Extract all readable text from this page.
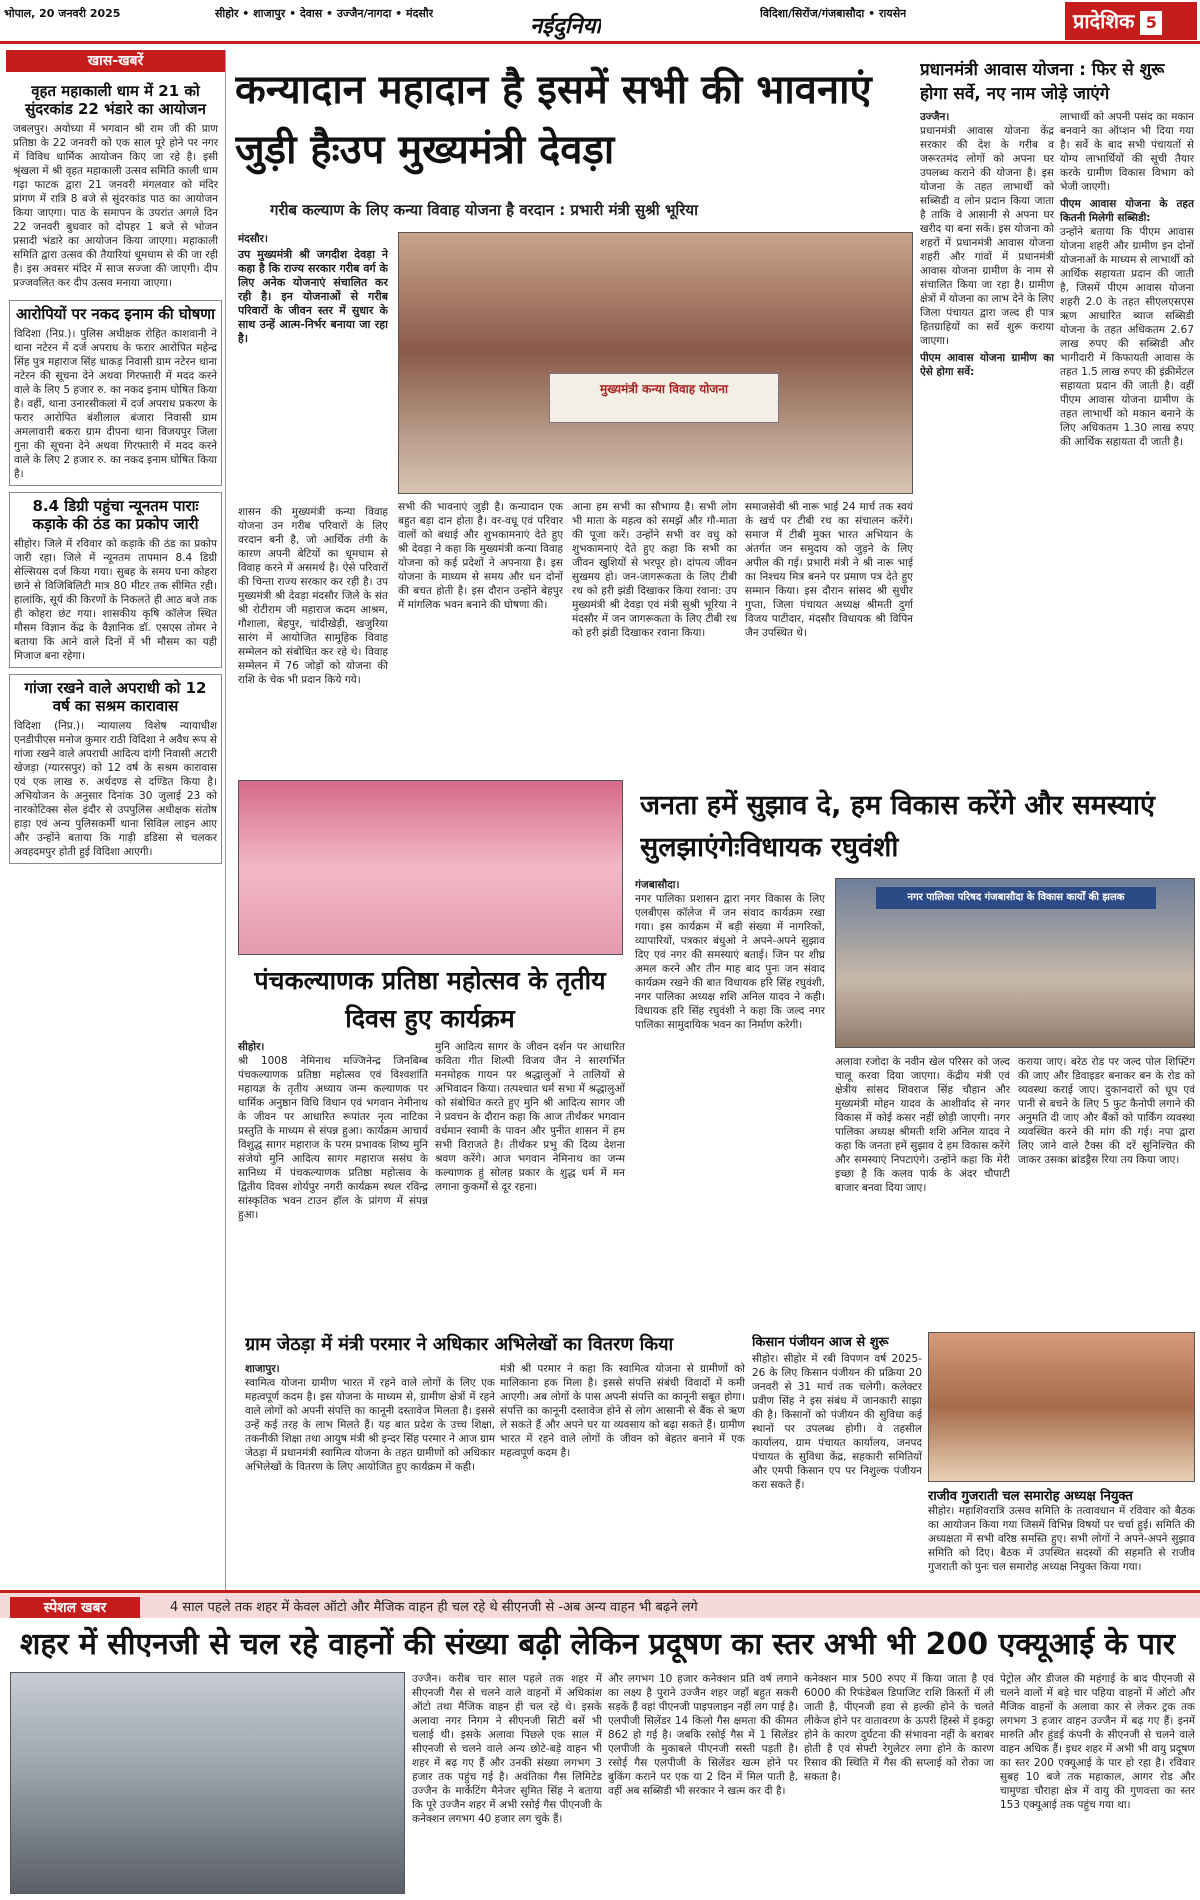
भोपाल, 20 जनवरी 2025	सीहोर • शाजापुर • देवास • उज्जैन/नागदा • मंदसौर
नईदुनिया
विदिशा/सिरोंज/गंजबासौदा • रायसेन	प्रादेशिक 5
खास-खबरें
वृहत महाकाली धाम में 21 को सुंदरकांड 22 भंडारे का आयोजन
जबलपुर। अयोध्या में भगवान श्री राम जी की प्राण प्रतिष्ठा के 22 जनवरी को एक साल पूरे होने पर नगर में विविध धार्मिक आयोजन किए जा रहे है। इसी श्रृंखला में श्री वृहत महाकाली उत्सव समिति काली धाम गढ़ा फाटक द्वारा 21 जनवरी मंगलवार को मंदिर प्रांगण में रात्रि 8 बजे से सुंदरकांड पाठ का आयोजन किया जाएगा। पाठ के समापन के उपरांत अगले दिन 22 जनवरी बुधवार को दोपहर 1 बजे से भोजन प्रसादी भंडारे का आयोजन किया जाएगा। महाकाली समिति द्वारा उत्सव की तैयारियां धूमधाम से की जा रही है। इस अवसर मंदिर में साज सज्जा की जाएगी। दीप प्रज्जवलित कर दीप उत्सव मनाया जाएगा।
आरोपियों पर नकद इनाम की घोषणा
विदिशा (निप्र.)। पुलिस अधीक्षक रोहित काशवानी ने थाना नटेरन में दर्ज अपराध के फरार आरोपित महेन्द्र सिंह पुत्र महाराज सिंह धाकड़ निवासी ग्राम नटेरन थाना नटेरन की सूचना देने अथवा गिरफ्तारी में मदद करने वाले के लिए 5 हजार रु. का नकद इनाम घोषित किया है। वहीं, थाना उनारसीकलां में दर्ज अपराध प्रकरण के फरार आरोपित बंशीलाल बंजारा निवासी ग्राम अमलावारी बकरा ग्राम दीपना थाना विजयपुर जिला गुना की सूचना देने अथवा गिरफ्तारी में मदद करने वाले के लिए 2 हजार रु. का नकद इनाम घोषित किया है।
8.4 डिग्री पहुंचा न्यूनतम पाराः कड़ाके की ठंड का प्रकोप जारी
सीहोर। जिले में रविवार को कड़ाके की ठंड का प्रकोप जारी रहा। जिले में न्यूनतम तापमान 8.4 डिग्री सेल्सियस दर्ज किया गया। सुबह के समय घना कोहरा छाने से विजिबिलिटी मात्र 80 मीटर तक सीमित रही। हालांकि, सूर्य की किरणों के निकलते ही आठ बजे तक ही कोहरा छंट गया। शासकीय कृषि कॉलेज स्थित मौसम विज्ञान केंद्र के वैज्ञानिक डॉ. एसएस तोमर ने बताया कि आने वाले दिनों में भी मौसम का यही मिजाज बना रहेगा।
गांजा रखने वाले अपराधी को 12 वर्ष का सश्रम कारावास
विदिशा (निप्र.)। न्यायालय विशेष न्यायाधीश एनडीपीएस मनोज कुमार राठी विदिशा ने अवैध रूप से गांजा रखने वाले अपराधी आदित्य दांगी निवासी अटारी खेजड़ा (ग्यारसपुर) को 12 वर्ष के सश्रम कारावास एवं एक लाख रु. अर्थदण्ड से दण्डित किया है। अभियोजन के अनुसार दिनांक 30 जुलाई 23 को नारकोटिक्स सेल इंदौर से उपपुलिस अधीक्षक संतोष हाड़ा एवं अन्य पुलिसकर्मी थाना सिविल लाइन आए और उन्होंने बताया कि गाड़ी डडिसा से चलकर अवहदमपुर होती हुई विदिशा आएगी।
कन्यादान महादान है इसमें सभी की भावनाएं जुड़ी हैःउप मुख्यमंत्री देवड़ा
गरीब कल्याण के लिए कन्या विवाह योजना है वरदान : प्रभारी मंत्री सुश्री भूरिया
मंदसौर।
उप मुख्यमंत्री श्री जगदीश देवड़ा ने कहा है कि राज्य सरकार गरीब वर्ग के लिए अनेक योजनाएं संचालित कर रही है। इन योजनाओं से गरीब परिवारों के जीवन स्तर में सुधार के साथ उन्हें आत्म-निर्भर बनाया जा रहा है।
शासन की मुख्यमंत्री कन्या विवाह योजना उन गरीब परिवारों के लिए वरदान बनी है, जो आर्थिक तंगी के कारण अपनी बेटियों का धूमधाम से विवाह करने में असमर्थ है। ऐसे परिवारों की चिन्ता राज्य सरकार कर रही है। उप मुख्यमंत्री श्री देवड़ा मंदसौर जिले के संत श्री रोटीराम जी महाराज कदम आश्रम, गौशाला, बेहपुर, चांदीखेड़ी, खजुरिया सारंग में आयोजित सामूहिक विवाह सम्मेलन को संबोधित कर रहे थे। विवाह सम्मेलन में 76 जोड़ों को योजना की राशि के चेक भी प्रदान किये गये।
मुख्यमंत्री कन्या विवाह योजना
सभी की भावनाएं जुड़ी है। कन्यादान एक बहुत बड़ा दान होता है। वर-वधू एवं परिवार वालों को बधाई और शुभकामनाएं देते हुए श्री देवड़ा ने कहा कि मुख्यमंत्री कन्या विवाह योजना को कई प्रदेशों ने अपनाया है। इस योजना के माध्यम से समय और धन दोनों की बचत होती है। इस दौरान उन्होंने बेहपुर में मांगलिक भवन बनाने की घोषणा की।
आना हम सभी का सौभाग्य है। सभी लोग भी माता के महत्व को समझें और गौ-माता की पूजा करें। उन्होंने सभी वर वधु को शुभकामनाएं देते हुए कहा कि सभी का जीवन खुशियों से भरपूर हो। दांपत्य जीवन सुखमय हो। जन-जागरूकता के लिए टीबी रथ को हरी झंडी दिखाकर किया रवाना: उप मुख्यमंत्री श्री देवड़ा एवं मंत्री सुश्री भूरिया ने मंदसौर में जन जागरूकता के लिए टीबी रथ को हरी झंडी दिखाकर रवाना किया।
समाजसेवी श्री नारू भाई 24 मार्च तक स्वयं के खर्च पर टीबी रथ का संचालन करेंगे। समाज में टीबी मुक्त भारत अभियान के अंतर्गत जन समुदाय को जुड़ने के लिए अपील की गई। प्रभारी मंत्री ने श्री नारू भाई का निश्चय मित्र बनने पर प्रमाण पत्र देते हुए सम्मान किया। इस दौरान सांसद श्री सुधीर गुप्ता, जिला पंचायत अध्यक्ष श्रीमती दुर्गा विजय पाटीदार, मंदसौर विधायक श्री विपिन जैन उपस्थित थे।
प्रधानमंत्री आवास योजना : फिर से शुरू होगा सर्वे, नए नाम जोड़े जाएंगे
उज्जैन।
प्रधानमंत्री आवास योजना केंद्र सरकार की देश के गरीब व जरूरतमंद लोगों को अपना घर उपलब्ध कराने की योजना है। इस योजना के तहत लाभार्थी को सब्सिडी व लोन प्रदान किया जाता है ताकि वे आसानी से अपना घर खरीद या बना सकें। इस योजना को शहरों में प्रधानमंत्री आवास योजना शहरी और गांवों में प्रधानमंत्री आवास योजना ग्रामीण के नाम से संचालित किया जा रहा है। ग्रामीण क्षेत्रों में योजना का लाभ देने के लिए जिला पंचायत द्वारा जल्द ही पात्र हितग्राहियों का सर्वे शुरू कराया जाएगा।
पीएम आवास योजना ग्रामीण का ऐसे होगा सर्वे:
लाभार्थी को अपनी पसंद का मकान बनवाने का ऑप्शन भी दिया गया है। सर्वे के बाद सभी पंचायतों से योग्य लाभार्थियों की सूची तैयार करके ग्रामीण विकास विभाग को भेजी जाएगी।
पीएम आवास योजना के तहत कितनी मिलेगी सब्सिडी:
उन्होंने बताया कि पीएम आवास योजना शहरी और ग्रामीण इन दोनों योजनाओं के माध्यम से लाभार्थी को आर्थिक सहायता प्रदान की जाती है, जिसमें पीएम आवास योजना शहरी 2.0 के तहत सीएलएसएस ऋण आधारित ब्याज सब्सिडी योजना के तहत अधिकतम 2.67 लाख रुपए की सब्सिडी और भागीदारी में किफायती आवास के तहत 1.5 लाख रुपए की इंक्रीमेंटल सहायता प्रदान की जाती है। वहीं पीएम आवास योजना ग्रामीण के तहत लाभार्थी को मकान बनाने के लिए अधिकतम 1.30 लाख रुपए की आर्थिक सहायता दी जाती है।
पंचकल्याणक प्रतिष्ठा महोत्सव के तृतीय दिवस हुए कार्यक्रम
सीहोर।
श्री 1008 नेमिनाथ मज्जिनेन्द्र जिनबिम्ब पंचकल्याणक प्रतिष्ठा महोत्सव एवं विश्वशांति महायज्ञ के तृतीय अध्याय जन्म कल्याणक पर धार्मिक अनुष्ठान विधि विधान एवं भगवान नेमीनाथ के जीवन पर आधारित रूपांतर नृत्य नाटिका प्रस्तुति के माध्यम से संपन्न हुआ। कार्यक्रम आचार्य विशुद्ध सागर महाराज के परम प्रभावक शिष्य मुनि संजेयो मुनि आदित्य सागर महाराज ससंघ के सानिध्य में पंचकल्याणक प्रतिष्ठा महोत्सव के द्वितीय दिवस शोर्यपुर नगरी कार्यक्रम स्थल रविन्द्र सांस्कृतिक भवन टाउन हॉल के प्रांगण में संपन्न हुआ।
मुनि आदित्य सागर के जीवन दर्शन पर आधारित कविता गीत शिल्पी विजय जैन ने सारगर्भित मनमोहक गायन पर श्रद्धालुओं ने तालियों से अभिवादन किया। तत्पश्चात धर्म सभा में श्रद्धालुओं को संबोधित करते हुए मुनि श्री आदित्य सागर जी ने प्रवचन के दौरान कहा कि आज तीर्थंकर भगवान वर्धमान स्वामी के पावन और पुनीत शासन में हम सभी विराजते है। तीर्थंकर प्रभु की दिव्य देशना श्रवण करेंगे। आज भगवान नेमिनाथ का जन्म कल्याणक हुं सोलह प्रकार के शुद्ध धर्म में मन लगाना कुकर्मों से दूर रहना।
जनता हमें सुझाव दे, हम विकास करेंगे और समस्याएं सुलझाएंगेःविधायक रघुवंशी
गंजबासौदा।
नगर पालिका प्रशासन द्वारा नगर विकास के लिए एलबीएस कॉलेज में जन संवाद कार्यक्रम रखा गया। इस कार्यक्रम में बड़ी संख्या में नागरिकों, व्यापारियों, पत्रकार बंधुओ ने अपने-अपने सुझाव दिए एवं नगर की समस्याएं बताई। जिन पर शीघ्र अमल करने और तीन माह बाद पुनः जन संवाद कार्यक्रम रखने की बात विधायक हरि सिंह रघुवंशी, नगर पालिका अध्यक्ष शशि अनिल यादव ने कही। विधायक हरि सिंह रघुवंशी ने कहा कि जल्द नगर पालिका सामुदायिक भवन का निर्माण करेगी।
नगर पालिका परिषद गंजबासौदा के विकास कार्यों की झलक
अलावा रजोदा के नवीन खेल परिसर को जल्द चालू करवा दिया जाएगा। केंद्रीय मंत्री एवं क्षेत्रीय सांसद शिवराज सिंह चौहान और मुख्यमंत्री मोहन यादव के आशीर्वाद से नगर विकास में कोई कसर नहीं छोड़ी जाएगी। नगर पालिका अध्यक्ष श्रीमती शशि अनिल यादव ने कहा कि जनता हमें सुझाव दे हम विकास करेंगे और समस्याएं निपटाएंगे। उन्होंने कहा कि मेरी इच्छा है कि कलव पार्क के अंदर चौपाटी बाजार बनवा दिया जाए।
कराया जाए। बरेठ रोड पर जल्द पोल शिफ्टिंग की जाए और डिवाइडर बनाकर बन के रोड को व्यवस्था कराई जाए। दुकानदारों को धूप एवं पानी से बचने के लिए 5 फुट कैनोपी लगाने की अनुमति दी जाए और बैंकों को पार्किंग व्यवस्था व्यवस्थित करने की मांग की गई। नपा द्वारा लिए जाने वाले टैक्स की दरें सुनिश्चित की जाकर उसका ब्रांडड्रैस रिया तय किया जाए।
ग्राम जेठड़ा में मंत्री परमार ने अधिकार अभिलेखों का वितरण किया
शाजापुर।
स्वामित्व योजना ग्रामीण भारत में रहने वाले लोगों के लिए एक महत्वपूर्ण कदम है। इस योजना के माध्यम से, ग्रामीण क्षेत्रों में रहने वाले लोगों को अपनी संपत्ति का कानूनी दस्तावेज मिलता है। इससे उन्हें कई तरह के लाभ मिलते हैं। यह बात प्रदेश के उच्च शिक्षा, तकनीकी शिक्षा तथा आयुष मंत्री श्री इन्दर सिंह परमार ने आज ग्राम जेठड़ा में प्रधानमंत्री स्वामित्व योजना के तहत ग्रामीणों को अधिकार अभिलेखों के वितरण के लिए आयोजित हुए कार्यक्रम में कही।
मंत्री श्री परमार ने कहा कि स्वामित्व योजना से ग्रामीणों को मालिकाना हक मिला है। इससे संपत्ति संबंधी विवादों में कमी आएगी। अब लोगों के पास अपनी संपत्ति का कानूनी सबूत होगा। संपत्ति का कानूनी दस्तावेज होने से लोग आसानी से बैंक से ऋण ले सकते हैं और अपने घर या व्यवसाय को बढ़ा सकते हैं। ग्रामीण भारत में रहने वाले लोगों के जीवन को बेहतर बनाने में एक महत्वपूर्ण कदम है।
किसान पंजीयन आज से शुरू
सीहोर। सीहोर में रबी विपणन वर्ष 2025-26 के लिए किसान पंजीयन की प्रक्रिया 20 जनवरी से 31 मार्च तक चलेगी। कलेक्टर प्रवीण सिंह ने इस संबंध में जानकारी साझा की है। किसानों को पंजीयन की सुविधा कई स्थानों पर उपलब्ध होगी। वे तहसील कार्यालय, ग्राम पंचायत कार्यालय, जनपद पंचायत के सुविधा केंद्र, सहकारी समितियों और एमपी किसान एप पर निशुल्क पंजीयन करा सकते हैं।
राजीव गुजराती चल समारोह अध्यक्ष नियुक्त
सीहोर। महाशिवरात्रि उत्सव समिति के तत्वावधान में रविवार को बैठक का आयोजन किया गया जिसमें विभिन्न विषयों पर चर्चा हुई। समिति की अध्यक्षता में सभी वरिष्ठ समस्ति हुए। सभी लोगों ने अपने-अपने सुझाव समिति को दिए। बैठक में उपस्थित सदस्यों की सहमति से राजीव गुजराती को पुनः चल समारोह अध्यक्ष नियुक्त किया गया।
स्पेशल खबर	4 साल पहले तक शहर में केवल ऑटो और मैजिक वाहन ही चल रहे थे सीएनजी से -अब अन्य वाहन भी बढ़ने लगे
शहर में सीएनजी से चल रहे वाहनों की संख्या बढ़ी लेकिन प्रदूषण का स्तर अभी भी 200 एक्यूआई के पार
उज्जैन। करीब चार साल पहले तक शहर में सीएनजी गैस से चलने वाले वाहनों में अधिकांश ऑटो तथा मैजिक वाहन ही चल रहे थे। इसके अलावा नगर निगम ने सीएनजी सिटी बसें भी चलाई थी। इसके अलावा पिछले एक साल में सीएनजी से चलने वाले अन्य छोटे-बड़े वाहन भी शहर में बढ़ गए हैं और उनकी संख्या लगभग 3 हजार तक पहुंच गई है। अवंतिका गैस लिमिटेड उज्जैन के मार्केटिंग मैनेजर सुमित सिंह ने बताया कि पूरे उज्जैन शहर में अभी रसोई गैस पीएनजी के कनेक्शन लगभग 40 हजार लग चुके हैं।
और लगभग 10 हजार कनेक्शन प्रति वर्ष लगाने का लक्ष्य है पुराने उज्जैन शहर जहाँ बहुत सकरी सड़कें हैं वहां पीएनजी पाइपलाइन नहीं लग पाई है। एलपीजी सिलेंडर 14 किलो गैस क्षमता की कीमत 862 हो गई है। जबकि रसोई गैस में 1 सिलेंडर एलपीजी के मुकाबले पीएनजी सस्ती पड़ती है। रसोई गैस एलपीजी के सिलेंडर खत्म होने पर बुकिंग कराने पर एक या 2 दिन में मिल पाती है, वहीं अब सब्सिडी भी सरकार ने खत्म कर दी है।
कनेक्शन मात्र 500 रुपए में किया जाता है एवं 6000 की रिफंडेबल डिपाजिट राशि किस्तों में ली जाती है, पीएनजी हवा से हल्की होने के चलते लीकेज होने पर वातावरण के ऊपरी हिस्से में इकट्ठा होने के कारण दुर्घटना की संभावना नहीं के बराबर होती है एवं सेफ्टी रेगुलेटर लगा होने के कारण रिसाव की स्थिति में गैस की सप्लाई को रोका जा सकता है।
पेट्रोल और डीजल की महंगाई के बाद पीएनजी से चलने वालों में बड़े चार पहिया वाहनों में ऑटो और मैजिक वाहनों के अलावा कार से लेकर ट्रक तक लगभग 3 हजार वाहन उज्जैन में बढ़ गए हैं। इनमें मारुति और हुंडई कंपनी के सीएनजी से चलने वाले वाहन अधिक हैं। इधर शहर में अभी भी वायु प्रदूषण का स्तर 200 एक्यूआई के पार हो रहा है। रविवार सुबह 10 बजे तक महाकाल, आगर रोड और चामुण्डा चौराहा क्षेत्र में वायु की गुणवत्ता का स्तर 153 एक्यूआई तक पहुंच गया था।
